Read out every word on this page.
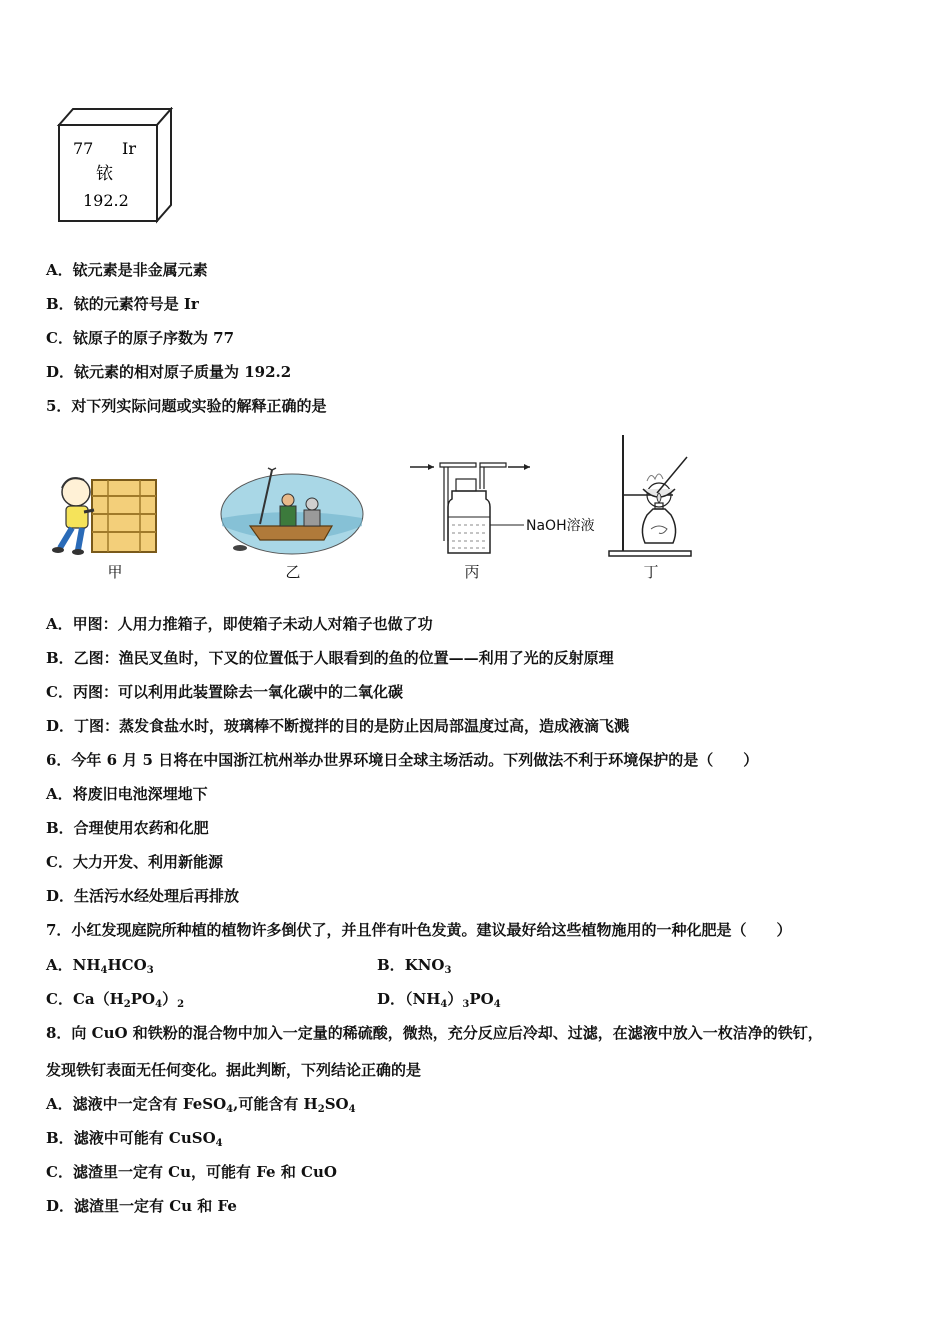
77 Ir
铱
192.2
A．铱元素是非金属元素
B．铱的元素符号是 Ir
C．铱原子的原子序数为 77
D．铱元素的相对原子质量为 192.2
5．对下列实际问题或实验的解释正确的是
甲	乙
NaOH溶液
丙	丁
A．甲图：人用力推箱子，即使箱子未动人对箱子也做了功
B．乙图：渔民叉鱼时，下叉的位置低于人眼看到的鱼的位置——利用了光的反射原理
C．丙图：可以利用此装置除去一氧化碳中的二氧化碳
D．丁图：蒸发食盐水时，玻璃棒不断搅拌的目的是防止因局部温度过高，造成液滴飞溅
6．今年 6 月 5 日将在中国浙江杭州举办世界环境日全球主场活动。下列做法不利于环境保护的是（　　）
A．将废旧电池深埋地下
B．合理使用农药和化肥
C．大力开发、利用新能源
D．生活污水经处理后再排放
7．小红发现庭院所种植的植物许多倒伏了，并且伴有叶色发黄。建议最好给这些植物施用的一种化肥是（　　）
A．$NH_4HCO_3$	B．$KNO_3$
C．$Ca(H_2PO_4)_2$	D．$(NH_4)_3PO_4$
8．向 CuO 和铁粉的混合物中加入一定量的稀硫酸，微热，充分反应后冷却、过滤，在滤液中放入一枚洁净的铁钉，
发现铁钉表面无任何变化。据此判断，下列结论正确的是
A．滤液中一定含有 FeSO$_4$,可能含有 $H_2SO_4$
B．滤液中可能有 CuSO$_4$
C．滤渣里一定有 Cu，可能有 Fe 和 CuO
D．滤渣里一定有 Cu 和 Fe
